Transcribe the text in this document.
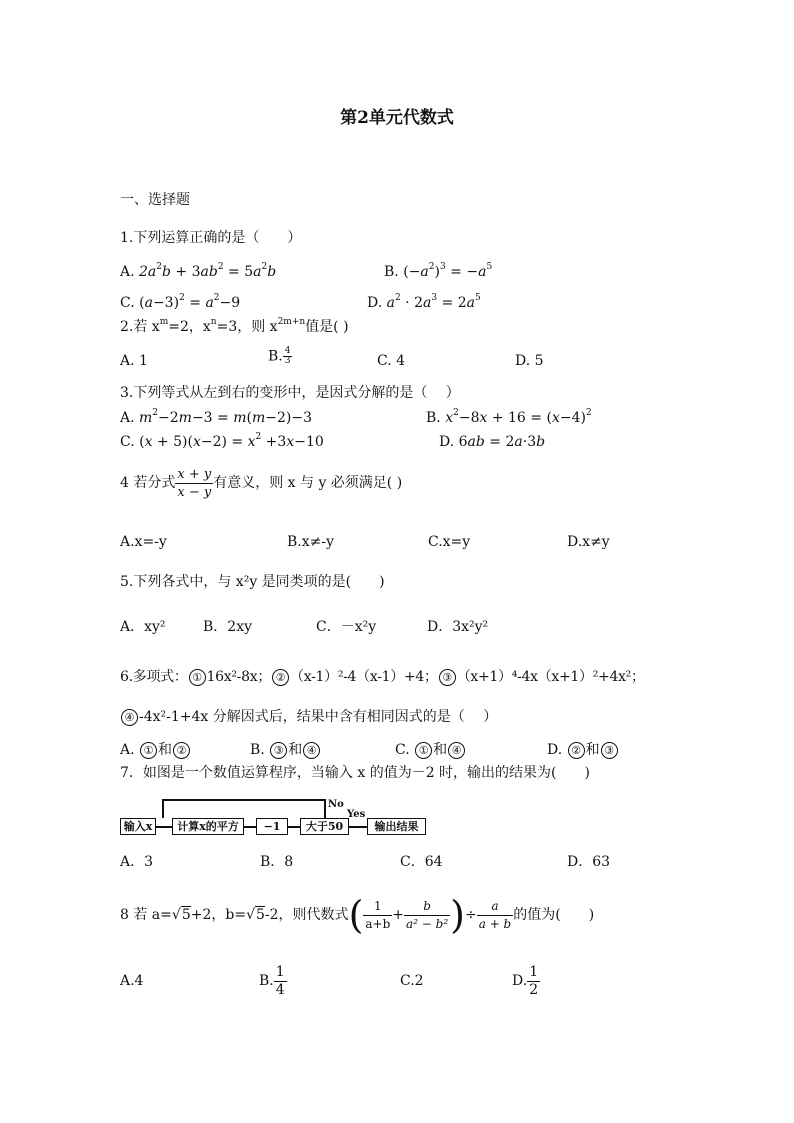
第2单元代数式
一、选择题
1.下列运算正确的是（　　）
A. $2a^2b + 3ab^2 = 5a^2b$	B. $(-a^2)^3 = -a^5$
C. $(a-3)^2 = a^2-9$	D. $a^2 \cdot 2a^3 = 2a^5$
2.若 $x^m=2$，$x^n=3$，则 $x^{2m+n}$值是( )
A. 1	B. $\frac{4}{3}$	C. 4	D. 5
3.下列等式从左到右的变形中，是因式分解的是（　 ）
A. $m^2-2m-3 = m(m-2)-3$	B. $x^2-8x + 16 = (x-4)^2$
C. $(x + 5)(x-2) = x^2 +3x-10$	D. 6ab = 2a·3b
4 若分式 $\frac{x + y}{x - y}$ 有意义，则 x 与 y 必须满足( )
A.x=-y	B.x≠-y	C.x=y	D.x≠y
5.下列各式中，与 x²y 是同类项的是(　　)
A．xy²	B．2xy	C．－x²y	D．3x²y²
6.多项式： ① 16x²-8x； ② （x-1）²-4（x-1）+4； ③ （x+1）⁴-4x（x+1）²+4x²；
④ -4x²-1+4x 分解因式后，结果中含有相同因式的是（　 ）
A. ① 和 ②	B. ③ 和 ④	C. ① 和 ④	D. ② 和 ③
7．如图是一个数值运算程序，当输入 x 的值为－2 时，输出的结果为(　　)
输入x	计算x的平方	−1	大于50	输出结果
No
Yes
A．3	B．8	C．64	D．63
8 若 a=√5+2，b=√5-2，则代数式( $\frac{1}{a+b} + \frac{b}{\text{a² − b²}}$ )÷ $\frac{a}{a + b}$ 的值为(　　)
A.4	B. $\frac{1}{4}$	C.2	D. $\frac{1}{2}$
